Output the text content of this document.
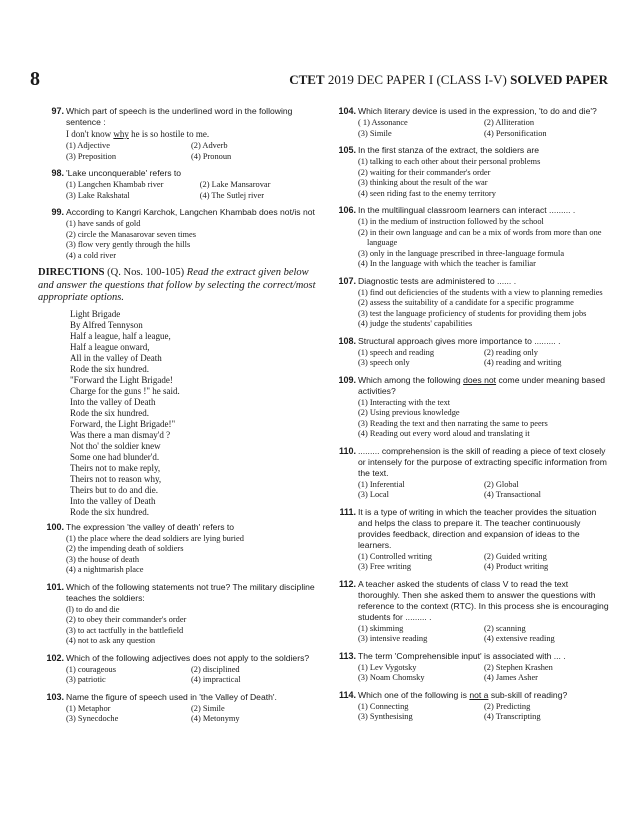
8	CTET 2019 DEC PAPER I (CLASS I-V) SOLVED PAPER
97. Which part of speech is the underlined word in the following sentence :
I don't know why he is so hostile to me.
(1) Adjective	(2) Adverb
(3) Preposition	(4) Pronoun
98. 'Lake unconquerable' refers to
(1) Langchen Khambab river	(2) Lake Mansarovar
(3) Lake Rakshatal	(4) The Sutlej river
99. According to Kangri Karchok, Langchen Khambab does not/is not
(1) have sands of gold
(2) circle the Manasarovar seven times
(3) flow very gently through the hills
(4) a cold river
DIRECTIONS (Q. Nos. 100-105) Read the extract given below and answer the questions that follow by selecting the correct/most appropriate options.
Light Brigade
By Alfred Tennyson
Half a league, half a league,
Half a league onward,
All in the valley of Death
Rode the six hundred.
"Forward the Light Brigade!
Charge for the guns !" he said.
Into the valley of Death
Rode the six hundred.
Forward, the Light Brigade!"
Was there a man dismay'd ?
Not tho' the soldier knew
Some one had blunder'd.
Theirs not to make reply,
Theirs not to reason why,
Theirs but to do and die.
Into the valley of Death
Rode the six hundred.
100. The expression 'the valley of death' refers to
(1) the place where the dead soldiers are lying buried
(2) the impending death of soldiers
(3) the house of death
(4) a nightmarish place
101. Which of the following statements not true? The military discipline teaches the soldiers:
(l) to do and die
(2) to obey their commander's order
(3) to act tactfully in the battlefield
(4) not to ask any question
102. Which of the following adjectives does not apply to the soldiers?
(1) courageous	(2) disciplined
(3) patriotic	(4) impractical
103. Name the figure of speech used in 'the Valley of Death'.
(1) Metaphor	(2) Simile
(3) Synecdoche	(4) Metonymy
104. Which literary device is used in the expression, 'to do and die'?
( 1) Assonance	(2) Alliteration
(3) Simile	(4) Personification
105. In the first stanza of the extract, the soldiers are
(1) talking to each other about their personal problems
(2) waiting for their commander's order
(3) thinking about the result of the war
(4) seen riding fast to the enemy territory
106. In the multilingual classroom learners can interact ......... .
(1) in the medium of instruction followed by the school
(2) in their own language and can be a mix of words from more than one language
(3) only in the language prescribed in three-language formula
(4) In the language with which the teacher is familiar
107. Diagnostic tests are administered to ...... .
(1) find out deficiencies of the students with a view to planning remedies
(2) assess the suitability of a candidate for a specific programme
(3) test the language proficiency of students for providing them jobs
(4) judge the students' capabilities
108. Structural approach gives more importance to ......... .
(1) speech and reading	(2) reading only
(3) speech only	(4) reading and writing
109. Which among the following does not come under meaning based activities?
(1) Interacting with the text
(2) Using previous knowledge
(3) Reading the text and then narrating the same to peers
(4) Reading out every word aloud and translating it
110. ......... comprehension is the skill of reading a piece of text closely or intensely for the purpose of extracting specific information from the text.
(1) Inferential	(2) Global
(3) Local	(4) Transactional
111. It is a type of writing in which the teacher provides the situation and helps the class to prepare it. The teacher continuously provides feedback, direction and expansion of ideas to the learners.
(1) Controlled writing	(2) Guided writing
(3) Free writing	(4) Product writing
112. A teacher asked the students of class V to read the text thoroughly. Then she asked them to answer the questions with reference to the context (RTC). In this process she is encouraging students for ......... .
(1) skimming	(2) scanning
(3) intensive reading	(4) extensive reading
113. The term 'Comprehensible input' is associated with ... .
(1) Lev Vygotsky	(2) Stephen Krashen
(3) Noam Chomsky	(4) James Asher
114. Which one of the following is not a sub-skill of reading?
(1) Connecting	(2) Predicting
(3) Synthesising	(4) Transcripting
